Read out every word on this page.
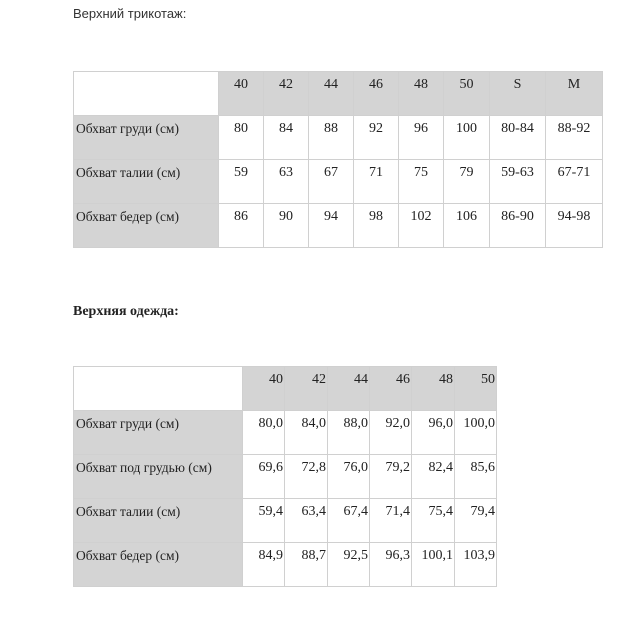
Верхний трикотаж:
	40	42	44	46	48	50	S	M
Обхват груди (см)	80	84	88	92	96	100	80-84	88-92
Обхват талии (см)	59	63	67	71	75	79	59-63	67-71
Обхват бедер (см)	86	90	94	98	102	106	86-90	94-98
Верхняя одежда:
	40	42	44	46	48	50
Обхват груди (см)	80,0	84,0	88,0	92,0	96,0	100,0
Обхват под грудью (см)	69,6	72,8	76,0	79,2	82,4	85,6
Обхват талии (см)	59,4	63,4	67,4	71,4	75,4	79,4
Обхват бедер (см)	84,9	88,7	92,5	96,3	100,1	103,9
